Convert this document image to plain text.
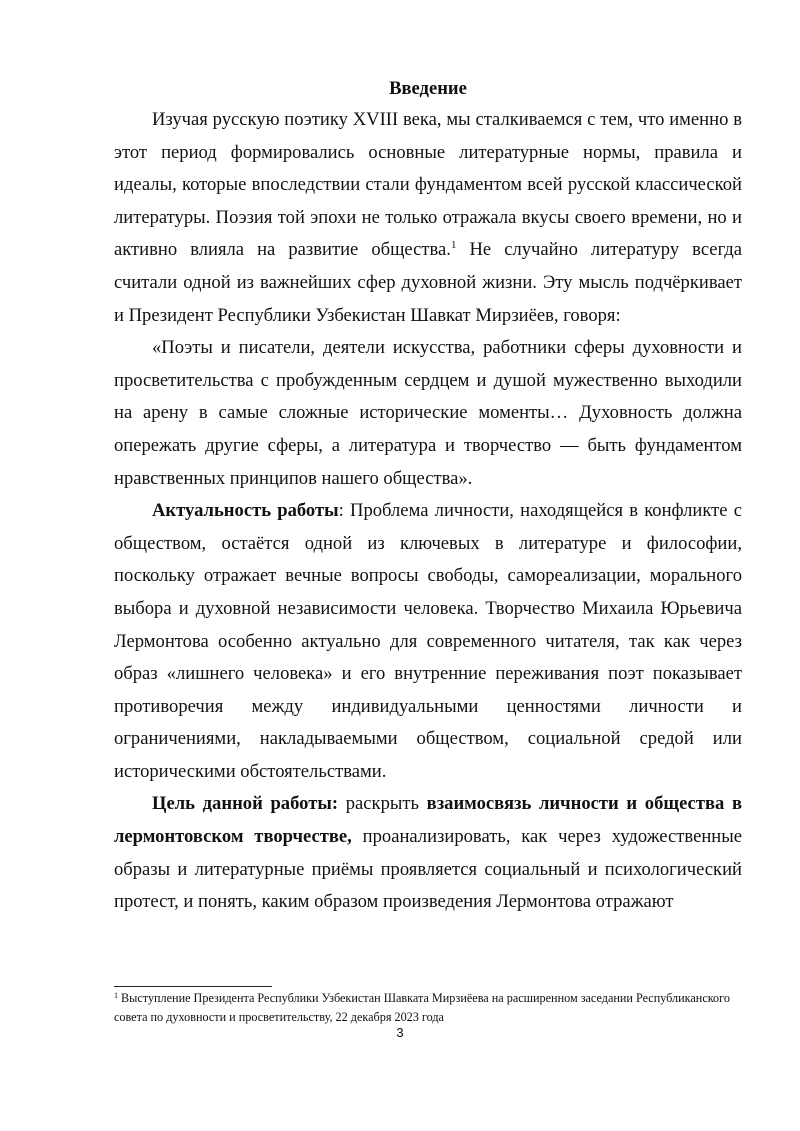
Введение

Изучая русскую поэтику XVIII века, мы сталкиваемся с тем, что именно в этот период формировались основные литературные нормы, правила и идеалы, которые впоследствии стали фундаментом всей русской классической литературы. Поэзия той эпохи не только отражала вкусы своего времени, но и активно влияла на развитие общества.$^1$ Не случайно литературу всегда считали одной из важнейших сфер духовной жизни. Эту мысль подчёркивает и Президент Республики Узбекистан Шавкат Мирзиёев, говоря:

«Поэты и писатели, деятели искусства, работники сферы духовности и просветительства с пробужденным сердцем и душой мужественно выходили на арену в самые сложные исторические моменты… Духовность должна опережать другие сферы, а литература и творчество — быть фундаментом нравственных принципов нашего общества».

Актуальность работы: Проблема личности, находящейся в конфликте с обществом, остаётся одной из ключевых в литературе и философии, поскольку отражает вечные вопросы свободы, самореализации, морального выбора и духовной независимости человека. Творчество Михаила Юрьевича Лермонтова особенно актуально для современного читателя, так как через образ «лишнего человека» и его внутренние переживания поэт показывает противоречия между индивидуальными ценностями личности и ограничениями, накладываемыми обществом, социальной средой или историческими обстоятельствами.

Цель данной работы: раскрыть взаимосвязь личности и общества в лермонтовском творчестве, проанализировать, как через художественные образы и литературные приёмы проявляется социальный и психологический протест, и понять, каким образом произведения Лермонтова отражают

$^1$ Выступление Президента Республики Узбекистан Шавката Мирзиёева на расширенном заседании Республиканского совета по духовности и просветительству, 22 декабря 2023 года
3
